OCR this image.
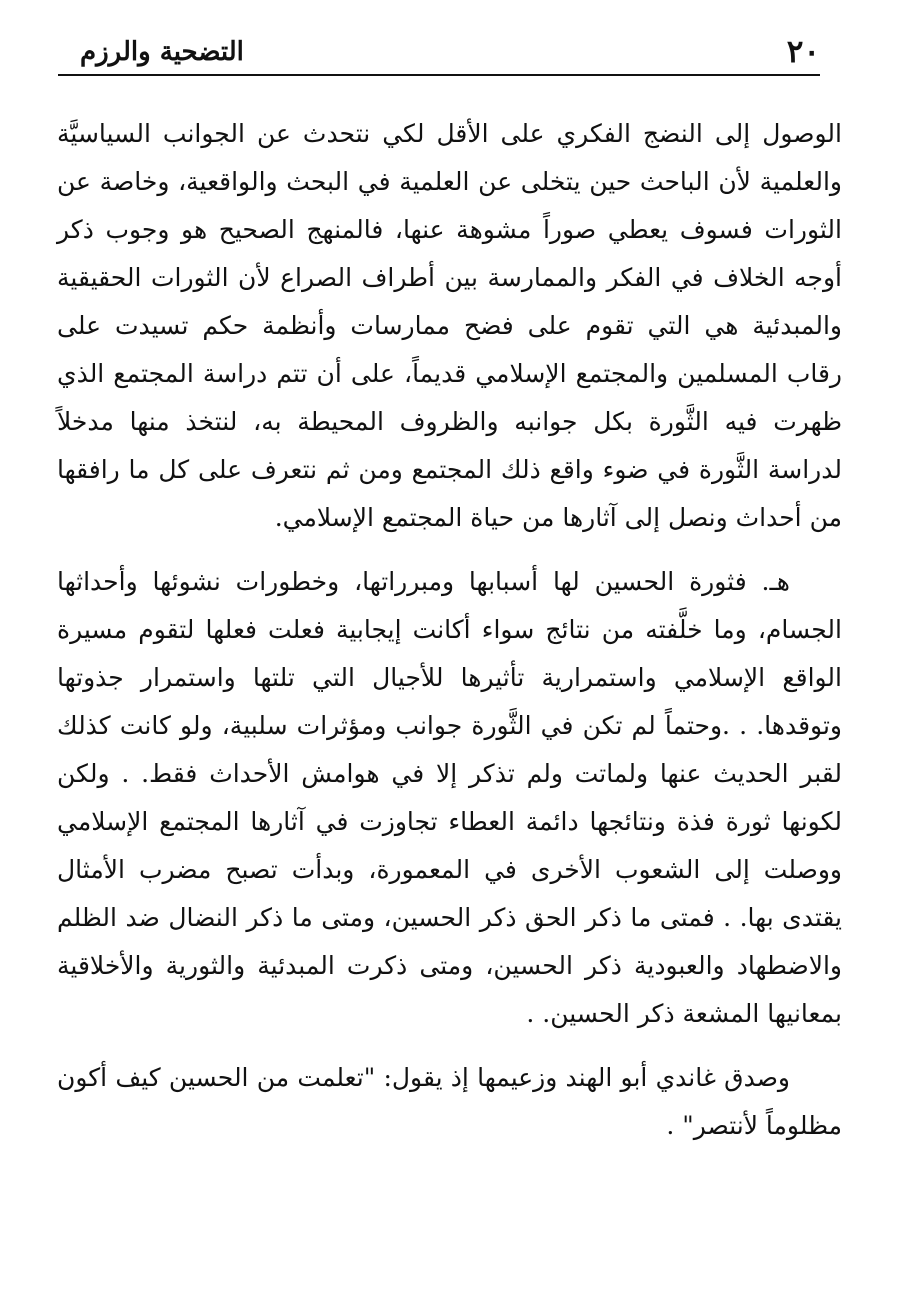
٢٠
التضحية والرزم

الوصول إلى النضج الفكري على الأقل لكي نتحدث عن الجوانب السياسيَّة والعلمية لأن الباحث حين يتخلى عن العلمية في البحث والواقعية، وخاصة عن الثورات فسوف يعطي صوراً مشوهة عنها، فالمنهج الصحيح هو وجوب ذكر أوجه الخلاف في الفكر والممارسة بين أطراف الصراع لأن الثورات الحقيقية والمبدئية هي التي تقوم على فضح ممارسات وأنظمة حكم تسيدت على رقاب المسلمين والمجتمع الإسلامي قديماً، على أن تتم دراسة المجتمع الذي ظهرت فيه الثَّورة بكل جوانبه والظروف المحيطة به، لنتخذ منها مدخلاً لدراسة الثَّورة في ضوء واقع ذلك المجتمع ومن ثم نتعرف على كل ما رافقها من أحداث ونصل إلى آثارها من حياة المجتمع الإسلامي.

هـ. فثورة الحسين لها أسبابها ومبرراتها، وخطورات نشوئها وأحداثها الجسام، وما خلَّفته من نتائج سواء أكانت إيجابية فعلت فعلها لتقوم مسيرة الواقع الإسلامي واستمرارية تأثيرها للأجيال التي تلتها واستمرار جذوتها وتوقدها. . .وحتماً لم تكن في الثَّورة جوانب ومؤثرات سلبية، ولو كانت كذلك لقبر الحديث عنها ولماتت ولم تذكر إلا في هوامش الأحداث فقط. . ولكن لكونها ثورة فذة ونتائجها دائمة العطاء تجاوزت في آثارها المجتمع الإسلامي ووصلت إلى الشعوب الأخرى في المعمورة، وبدأت تصبح مضرب الأمثال يقتدى بها. . فمتى ما ذكر الحق ذكر الحسين، ومتى ما ذكر النضال ضد الظلم والاضطهاد والعبودية ذكر الحسين، ومتى ذكرت المبدئية والثورية والأخلاقية بمعانيها المشعة ذكر الحسين. .

وصدق غاندي أبو الهند وزعيمها إذ يقول: "تعلمت من الحسين كيف أكون مظلوماً لأنتصر" .
